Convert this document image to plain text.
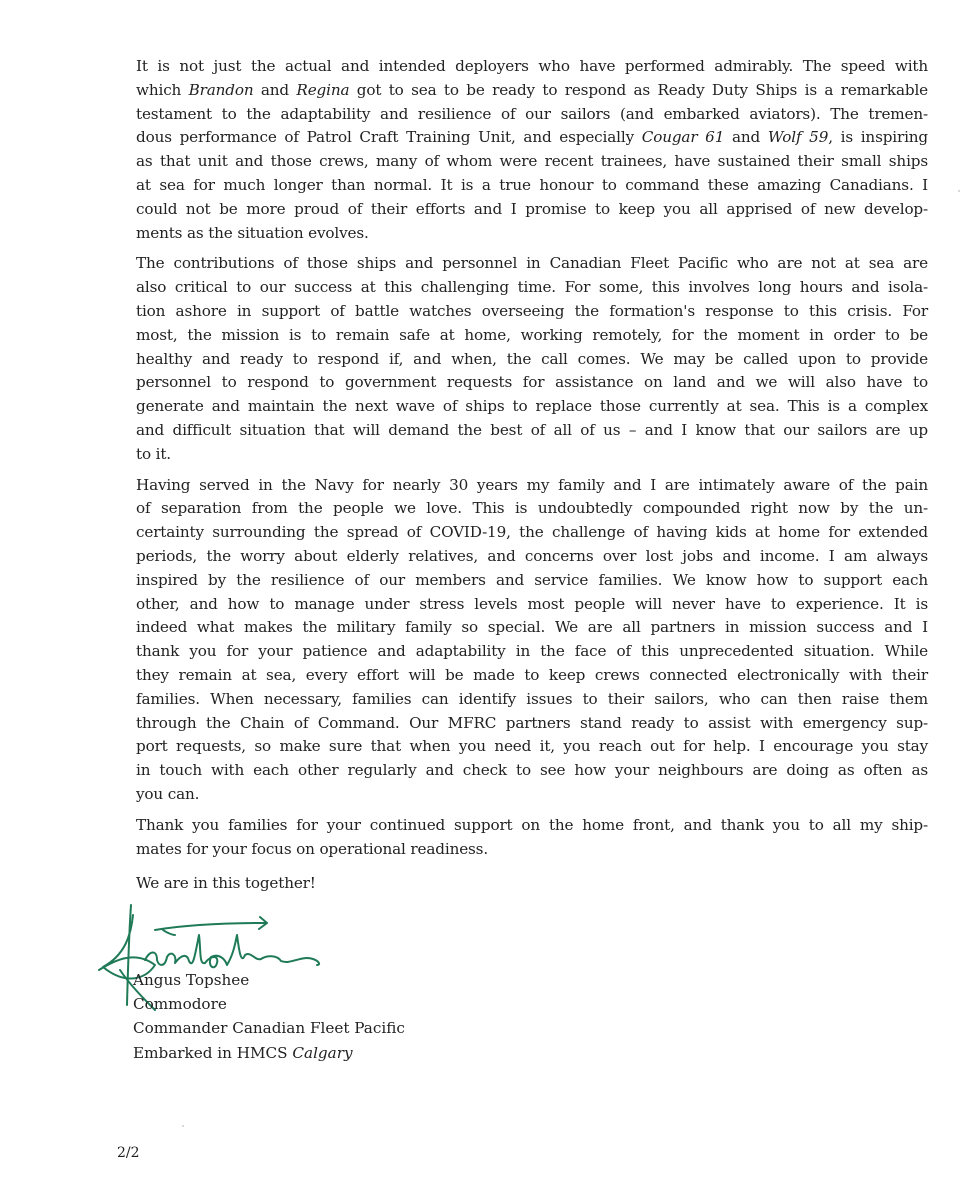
It is not just the actual and intended deployers who have performed admirably. The speed with
which Brandon and Regina got to sea to be ready to respond as Ready Duty Ships is a remarkable
testament to the adaptability and resilience of our sailors (and embarked aviators). The tremen-
dous performance of Patrol Craft Training Unit, and especially Cougar 61 and Wolf 59, is inspiring
as that unit and those crews, many of whom were recent trainees, have sustained their small ships
at sea for much longer than normal. It is a true honour to command these amazing Canadians. I
could not be more proud of their efforts and I promise to keep you all apprised of new develop-
ments as the situation evolves.
The contributions of those ships and personnel in Canadian Fleet Pacific who are not at sea are
also critical to our success at this challenging time. For some, this involves long hours and isola-
tion ashore in support of battle watches overseeing the formation's response to this crisis. For
most, the mission is to remain safe at home, working remotely, for the moment in order to be
healthy and ready to respond if, and when, the call comes. We may be called upon to provide
personnel to respond to government requests for assistance on land and we will also have to
generate and maintain the next wave of ships to replace those currently at sea. This is a complex
and difficult situation that will demand the best of all of us – and I know that our sailors are up
to it.
Having served in the Navy for nearly 30 years my family and I are intimately aware of the pain
of separation from the people we love. This is undoubtedly compounded right now by the un-
certainty surrounding the spread of COVID-19, the challenge of having kids at home for extended
periods, the worry about elderly relatives, and concerns over lost jobs and income. I am always
inspired by the resilience of our members and service families. We know how to support each
other, and how to manage under stress levels most people will never have to experience. It is
indeed what makes the military family so special. We are all partners in mission success and I
thank you for your patience and adaptability in the face of this unprecedented situation. While
they remain at sea, every effort will be made to keep crews connected electronically with their
families. When necessary, families can identify issues to their sailors, who can then raise them
through the Chain of Command. Our MFRC partners stand ready to assist with emergency sup-
port requests, so make sure that when you need it, you reach out for help. I encourage you stay
in touch with each other regularly and check to see how your neighbours are doing as often as
you can.
Thank you families for your continued support on the home front, and thank you to all my ship-
mates for your focus on operational readiness.
We are in this together!
Angus Topshee
Commodore
Commander Canadian Fleet Pacific
Embarked in HMCS Calgary
2/2
